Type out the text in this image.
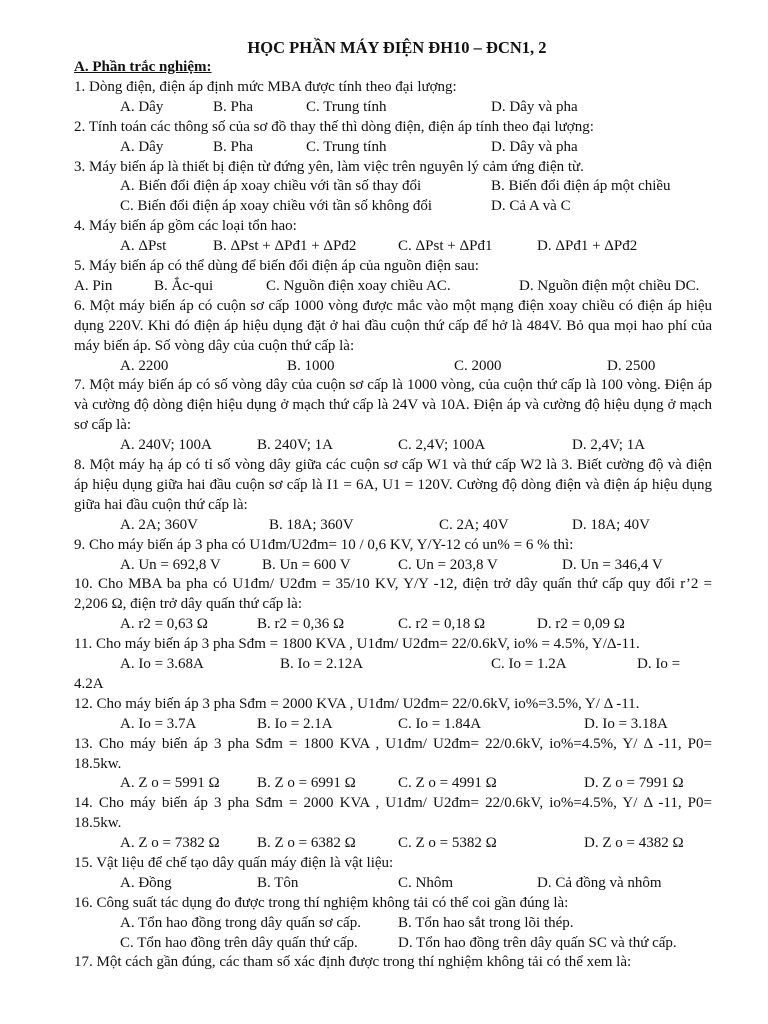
HỌC PHẦN MÁY ĐIỆN ĐH10 – ĐCN1, 2
A. Phần trắc nghiệm:
1. Dòng điện, điện áp định mức MBA được tính theo đại lượng:
A. Dây	B. Pha	C. Trung tính	D. Dây và pha
2. Tính toán các thông số của sơ đồ thay thế thì dòng điện, điện áp tính theo đại lượng:
A. Dây	B. Pha	C. Trung tính	D. Dây và pha
3. Máy biến áp là thiết bị điện từ đứng yên, làm việc trên nguyên lý cảm ứng điện từ.
A. Biến đổi điện áp xoay chiều với tần số thay đổi	B. Biến đổi điện áp một chiều
C. Biến đổi điện áp xoay chiều với tần số không đổi	D. Cả A và C
4. Máy biến áp gồm các loại tổn hao:
A. ΔPst	B. ΔPst + ΔPđ1 + ΔPđ2	C. ΔPst + ΔPđ1	D. ΔPđ1 + ΔPđ2
5. Máy biến áp có thể dùng để biến đổi điện áp của nguồn điện sau:
A. Pin	B. Ắc-qui	C. Nguồn điện xoay chiều AC.	D. Nguồn điện một chiều DC.
6. Một máy biến áp có cuộn sơ cấp 1000 vòng được mắc vào một mạng điện xoay chiều có điện áp hiệu dụng 220V. Khi đó điện áp hiệu dụng đặt ở hai đầu cuộn thứ cấp để hở là 484V. Bỏ qua mọi hao phí của máy biến áp. Số vòng dây của cuộn thứ cấp là:
A. 2200	B. 1000	C. 2000	D. 2500
7. Một máy biến áp có số vòng dây của cuộn sơ cấp là 1000 vòng, của cuộn thứ cấp là 100 vòng. Điện áp và cường độ dòng điện hiệu dụng ở mạch thứ cấp là 24V và 10A. Điện áp và cường độ hiệu dụng ở mạch sơ cấp là:
A. 240V; 100A	B. 240V; 1A	C. 2,4V; 100A	D. 2,4V; 1A
8. Một máy hạ áp có tỉ số vòng dây giữa các cuộn sơ cấp W1 và thứ cấp W2 là 3. Biết cường độ và điện áp hiệu dụng giữa hai đầu cuộn sơ cấp là I1 = 6A, U1 = 120V. Cường độ dòng điện và điện áp hiệu dụng giữa hai đầu cuộn thứ cấp là:
A. 2A; 360V	B. 18A; 360V	C. 2A; 40V	D. 18A; 40V
9. Cho máy biến áp 3 pha có U1đm/U2đm= 10 / 0,6 KV, Y/Y-12 có un% = 6 % thì:
A. Un = 692,8 V	B. Un = 600 V	C. Un = 203,8 V	D. Un = 346,4 V
10. Cho MBA ba pha có U1đm/ U2đm = 35/10 KV, Y/Y -12, điện trở dây quấn thứ cấp quy đổi r’2 = 2,206 Ω, điện trở dây quấn thứ cấp là:
A. r2 = 0,63 Ω	B. r2 = 0,36 Ω	C. r2 = 0,18 Ω	D. r2 = 0,09 Ω
11. Cho máy biến áp 3 pha Sđm = 1800 KVA , U1đm/ U2đm= 22/0.6kV, io% = 4.5%, Y/Δ-11.
A. Io = 3.68A	B. Io = 2.12A	C. Io = 1.2A	D. Io =
4.2A
12. Cho máy biến áp 3 pha Sđm = 2000 KVA , U1đm/ U2đm= 22/0.6kV, io%=3.5%, Y/ Δ -11.
A. Io = 3.7A	B. Io = 2.1A	C. Io = 1.84A	D. Io = 3.18A
13. Cho máy biến áp 3 pha Sđm = 1800 KVA , U1đm/ U2đm= 22/0.6kV, io%=4.5%, Y/ Δ -11, P0= 18.5kw.
A. Z o = 5991 Ω B. Z o = 6991 Ω	C. Z o = 4991 Ω	D. Z o = 7991 Ω
14. Cho máy biến áp 3 pha Sđm = 2000 KVA , U1đm/ U2đm= 22/0.6kV, io%=4.5%, Y/ Δ -11, P0= 18.5kw.
A. Z o = 7382 Ω B. Z o = 6382 Ω	C. Z o = 5382 Ω	D. Z o = 4382 Ω
15. Vật liệu để chế tạo dây quấn máy điện là vật liệu:
A. Đồng	B. Tôn	C. Nhôm	D. Cả đồng và nhôm
16. Công suất tác dụng đo được trong thí nghiệm không tải có thể coi gần đúng là:
A. Tổn hao đồng trong dây quấn sơ cấp. B. Tổn hao sắt trong lõi thép.
C. Tổn hao đồng trên dây quấn thứ cấp.	D. Tổn hao đồng trên dây quấn SC và thứ cấp.
17. Một cách gần đúng, các tham số xác định được trong thí nghiệm không tải có thể xem là:
